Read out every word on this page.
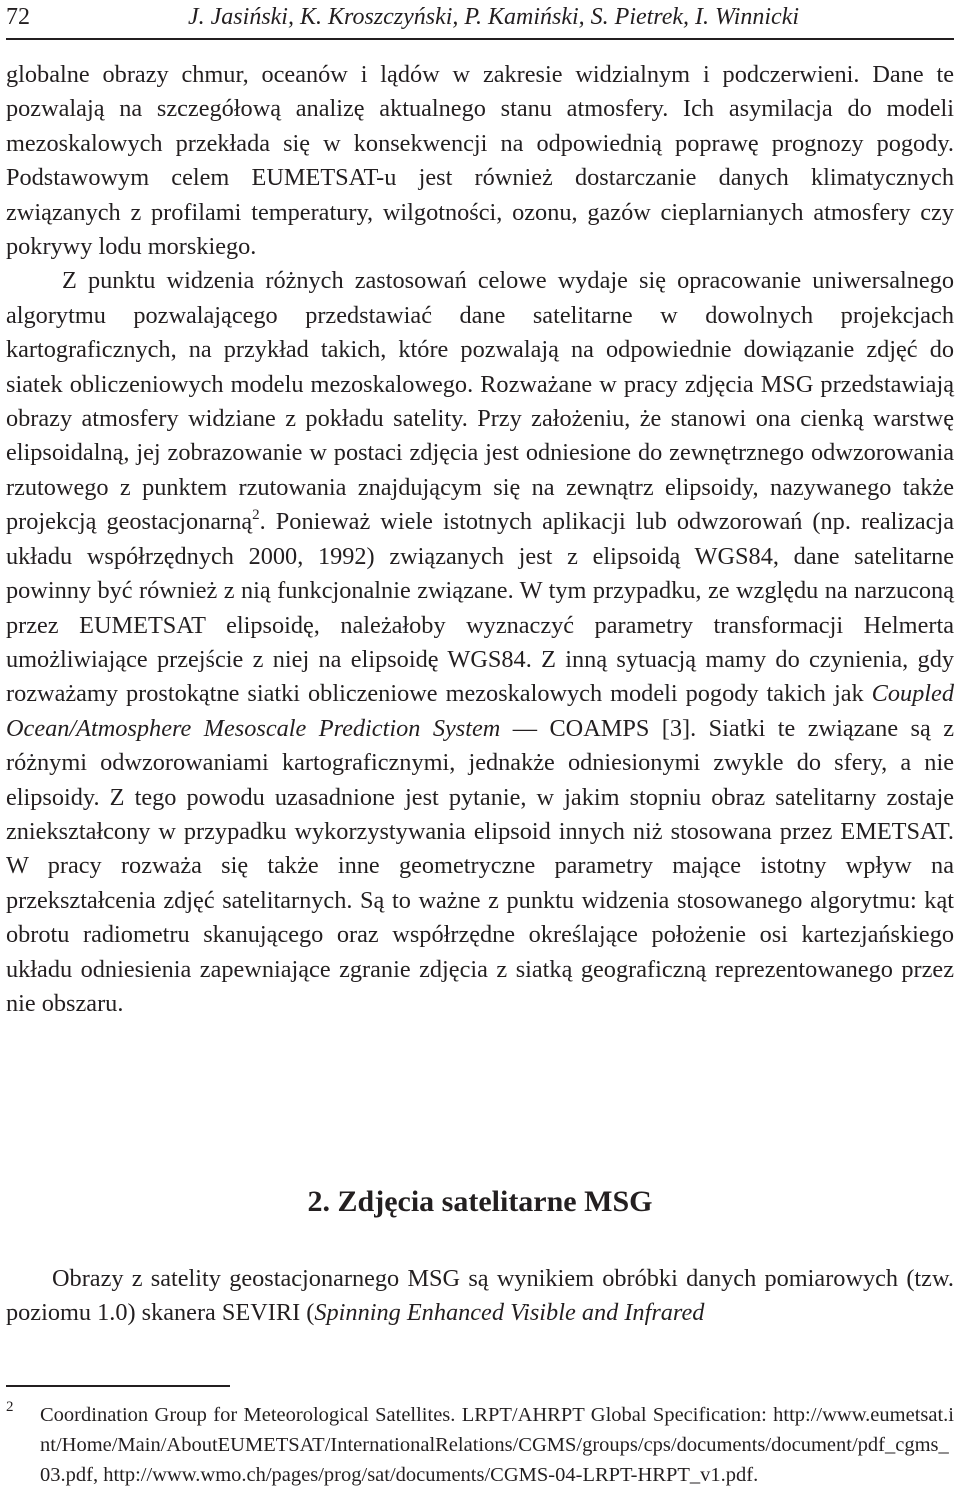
72	J. Jasiński, K. Kroszczyński, P. Kamiński, S. Pietrek, I. Winnicki

globalne obrazy chmur, oceanów i lądów w zakresie widzialnym i podczerwieni. Dane te pozwalają na szczegółową analizę aktualnego stanu atmosfery. Ich asymilacja do modeli mezoskalowych przekłada się w konsekwencji na odpowiednią poprawę prognozy pogody. Podstawowym celem EUMETSAT-u jest również dostarczanie danych klimatycznych związanych z profilami temperatury, wilgotności, ozonu, gazów cieplarnianych atmosfery czy pokrywy lodu morskiego.

Z punktu widzenia różnych zastosowań celowe wydaje się opracowanie uniwersalnego algorytmu pozwalającego przedstawiać dane satelitarne w dowolnych projekcjach kartograficznych, na przykład takich, które pozwalają na odpowiednie dowiązanie zdjęć do siatek obliczeniowych modelu mezoskalowego. Rozważane w pracy zdjęcia MSG przedstawiają obrazy atmosfery widziane z pokładu satelity. Przy założeniu, że stanowi ona cienką warstwę elipsoidalną, jej zobrazowanie w postaci zdjęcia jest odniesione do zewnętrznego odwzorowania rzutowego z punktem rzutowania znajdującym się na zewnątrz elipsoidy, nazywanego także projekcją geostacjonarną$^2$. Ponieważ wiele istotnych aplikacji lub odwzorowań (np. realizacja układu współrzędnych 2000, 1992) związanych jest z elipsoidą WGS84, dane satelitarne powinny być również z nią funkcjonalnie związane. W tym przypadku, ze względu na narzuconą przez EUMETSAT elipsoidę, należałoby wyznaczyć parametry transformacji Helmerta umożliwiające przejście z niej na elipsoidę WGS84. Z inną sytuacją mamy do czynienia, gdy rozważamy prostokątne siatki obliczeniowe mezoskalowych modeli pogody takich jak Coupled Ocean/Atmosphere Mesoscale Prediction System — COAMPS [3]. Siatki te związane są z różnymi odwzorowaniami kartograficznymi, jednakże odniesionymi zwykle do sfery, a nie elipsoidy. Z tego powodu uzasadnione jest pytanie, w jakim stopniu obraz satelitarny zostaje zniekształcony w przypadku wykorzystywania elipsoid innych niż stosowana przez EMETSAT. W pracy rozważa się także inne geometryczne parametry mające istotny wpływ na przekształcenia zdjęć satelitarnych. Są to ważne z punktu widzenia stosowanego algorytmu: kąt obrotu radiometru skanującego oraz współrzędne określające położenie osi kartezjańskiego układu odniesienia zapewniające zgranie zdjęcia z siatką geograficzną reprezentowanego przez nie obszaru.

2. Zdjęcia satelitarne MSG

Obrazy z satelity geostacjonarnego MSG są wynikiem obróbki danych pomiarowych (tzw. poziomu 1.0) skanera SEVIRI (Spinning Enhanced Visible and Infrared

2 Coordination Group for Meteorological Satellites. LRPT/AHRPT Global Specification: http://www.eumetsat.int/Home/Main/AboutEUMETSAT/InternationalRelations/CGMS/groups/cps/documents/document/pdf_cgms_03.pdf, http://www.wmo.ch/pages/prog/sat/documents/CGMS-04-LRPT-HRPT_v1.pdf.
